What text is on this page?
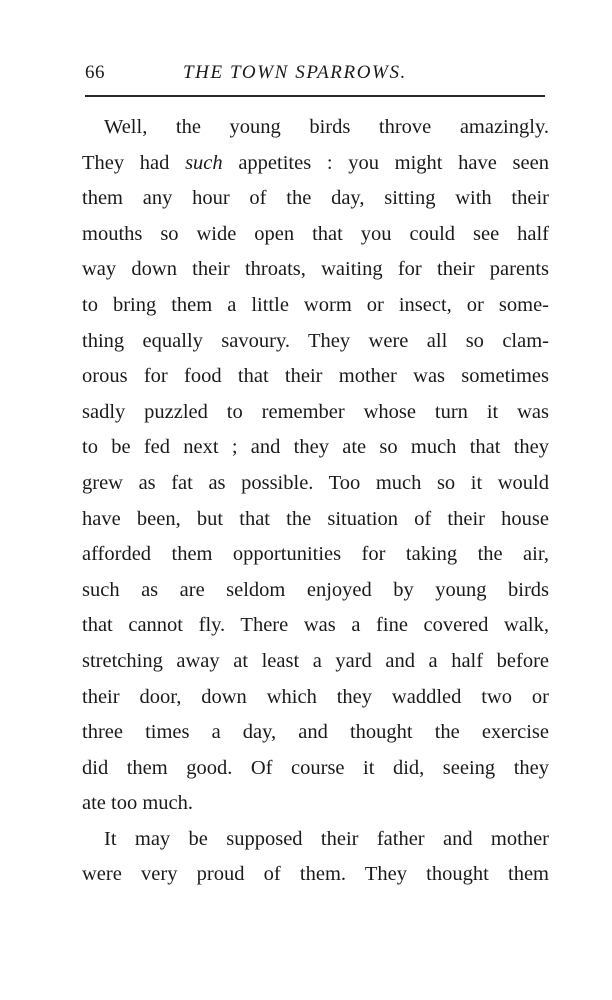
66	THE TOWN SPARROWS.
Well, the young birds throve amazingly.
They had such appetites : you might have seen
them any hour of the day, sitting with their
mouths so wide open that you could see half
way down their throats, waiting for their parents
to bring them a little worm or insect, or some-
thing equally savoury. They were all so clam-
orous for food that their mother was sometimes
sadly puzzled to remember whose turn it was
to be fed next ; and they ate so much that they
grew as fat as possible. Too much so it would
have been, but that the situation of their house
afforded them opportunities for taking the air,
such as are seldom enjoyed by young birds
that cannot fly. There was a fine covered walk,
stretching away at least a yard and a half before
their door, down which they waddled two or
three times a day, and thought the exercise
did them good. Of course it did, seeing they
ate too much.
It may be supposed their father and mother
were very proud of them. They thought them
